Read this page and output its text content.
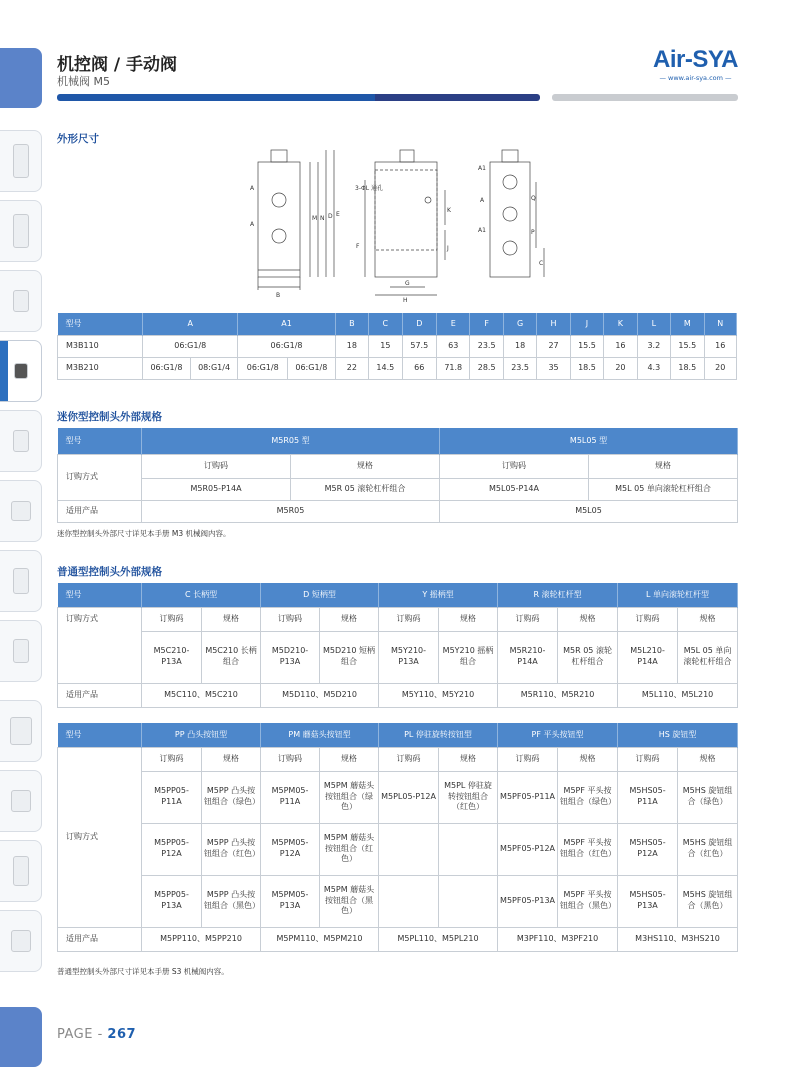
机控阀 / 手动阀
机械阀 M5
Air-SYA
— www.air-sya.com —
外形尺寸
A
A
B
M N D E
3-ΦL 通孔
F
G
H
K
J
A1
A
A1
Q
P
C
型号	A		A1		B	C	D	E	F	G	H	J	K	L	M	N
M3B110	06:G1/8		06:G1/8		18	15	57.5	63	23.5	18	27	15.5	16	3.2	15.5	16
M3B210	06:G1/8	08:G1/4	06:G1/8	06:G1/8	22	14.5	66	71.8	28.5	23.5	35	18.5	20	4.3	18.5	20
迷你型控制头外部规格
型号	M5R05 型		M5L05 型	
订购方式	订购码	规格	订购码	规格
	M5R05-P14A	M5R 05 滚轮杠杆组合	M5L05-P14A	M5L 05 单向滚轮杠杆组合
适用产品	M5R05		M5L05	
迷你型控制头外部尺寸详见本手册 M3 机械阀内容。
普通型控制头外部规格
型号	C 长柄型		D 短柄型		Y 摇柄型		R 滚轮杠杆型		L 单向滚轮杠杆型	
订购方式	订购码	规格	订购码	规格	订购码	规格	订购码	规格	订购码	规格
	M5C210-P13A	M5C210 长柄组合	M5D210-P13A	M5D210 短柄组合	M5Y210-P13A	M5Y210 摇柄组合	M5R210-P14A	M5R 05 滚轮杠杆组合	M5L210-P14A	M5L 05 单向滚轮杠杆组合
适用产品	M5C110、M5C210		M5D110、M5D210		M5Y110、M5Y210		M5R110、M5R210		M5L110、M5L210	
型号	PP 凸头按钮型		PM 蘑菇头按钮型		PL 停驻旋转按钮型		PF 平头按钮型		HS 旋钮型	
订购方式	订购码	规格	订购码	规格	订购码	规格	订购码	规格	订购码	规格
	M5PP05-P11A	M5PP 凸头按钮组合（绿色）	M5PM05-P11A	M5PM 蘑菇头按钮组合（绿色）	M5PL05-P12A	M5PL 停驻旋转按钮组合（红色）	M5PF05-P11A	M5PF 平头按钮组合（绿色）	M5HS05-P11A	M5HS 旋钮组合（绿色）
	M5PP05-P12A	M5PP 凸头按钮组合（红色）	M5PM05-P12A	M5PM 蘑菇头按钮组合（红色）			M5PF05-P12A	M5PF 平头按钮组合（红色）	M5HS05-P12A	M5HS 旋钮组合（红色）
	M5PP05-P13A	M5PP 凸头按钮组合（黑色）	M5PM05-P13A	M5PM 蘑菇头按钮组合（黑色）			M5PF05-P13A	M5PF 平头按钮组合（黑色）	M5HS05-P13A	M5HS 旋钮组合（黑色）
适用产品	M5PP110、M5PP210		M5PM110、M5PM210		M5PL110、M5PL210		M3PF110、M3PF210		M3HS110、M3HS210	
普通型控制头外部尺寸详见本手册 S3 机械阀内容。
PAGE - 267
